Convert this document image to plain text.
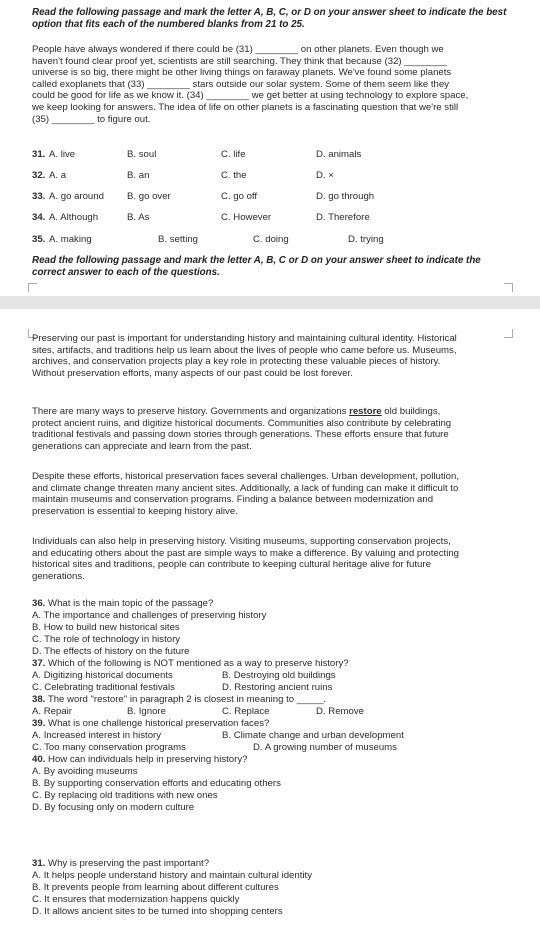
Read the following passage and mark the letter A, B, C, or D on your answer sheet to indicate the best option that fits each of the numbered blanks from 21 to 25.
People have always wondered if there could be (31) ________ on other planets. Even though we
haven't found clear proof yet, scientists are still searching. They think that because (32) ________
universe is so big, there might be other living things on faraway planets. We've found some planets
called exoplanets that (33) ________ stars outside our solar system. Some of them seem like they
could be good for life as we know it. (34) ________ we get better at using technology to explore space,
we keep looking for answers. The idea of life on other planets is a fascinating question that we're still
(35) ________ to figure out.
31. A. live	B. soul	C. life	D. animals
32. A. a	B. an	C. the	D. ×
33. A. go around B. go over	C. go off	D. go through
34. A. Although	B. As	C. However	D. Therefore
35. A. making	B. setting	C. doing	D. trying
Read the following passage and mark the letter A, B, C or D on your answer sheet to indicate the correct answer to each of the questions.
Preserving our past is important for understanding history and maintaining cultural identity. Historical
sites, artifacts, and traditions help us learn about the lives of people who came before us. Museums,
archives, and conservation projects play a key role in protecting these valuable pieces of history.
Without preservation efforts, many aspects of our past could be lost forever.
There are many ways to preserve history. Governments and organizations restore old buildings,
protect ancient ruins, and digitize historical documents. Communities also contribute by celebrating
traditional festivals and passing down stories through generations. These efforts ensure that future
generations can appreciate and learn from the past.
Despite these efforts, historical preservation faces several challenges. Urban development, pollution,
and climate change threaten many ancient sites. Additionally, a lack of funding can make it difficult to
maintain museums and conservation programs. Finding a balance between modernization and
preservation is essential to keeping history alive.
Individuals can also help in preserving history. Visiting museums, supporting conservation projects,
and educating others about the past are simple ways to make a difference. By valuing and protecting
historical sites and traditions, people can contribute to keeping cultural heritage alive for future
generations.
36. What is the main topic of the passage?
A. The importance and challenges of preserving history
B. How to build new historical sites
C. The role of technology in history
D. The effects of history on the future
37. Which of the following is NOT mentioned as a way to preserve history?
A. Digitizing historical documents	B. Destroying old buildings
C. Celebrating traditional festivals	D. Restoring ancient ruins
38. The word "restore" in paragraph 2 is closest in meaning to _____.
A. Repair	B. Ignore	C. Replace	D. Remove
39. What is one challenge historical preservation faces?
A. Increased interest in history	B. Climate change and urban development
C. Too many conservation programs	D. A growing number of museums
40. How can individuals help in preserving history?
A. By avoiding museums
B. By supporting conservation efforts and educating others
C. By replacing old traditions with new ones
D. By focusing only on modern culture
31. Why is preserving the past important?
A. It helps people understand history and maintain cultural identity
B. It prevents people from learning about different cultures
C. It ensures that modernization happens quickly
D. It allows ancient sites to be turned into shopping centers
